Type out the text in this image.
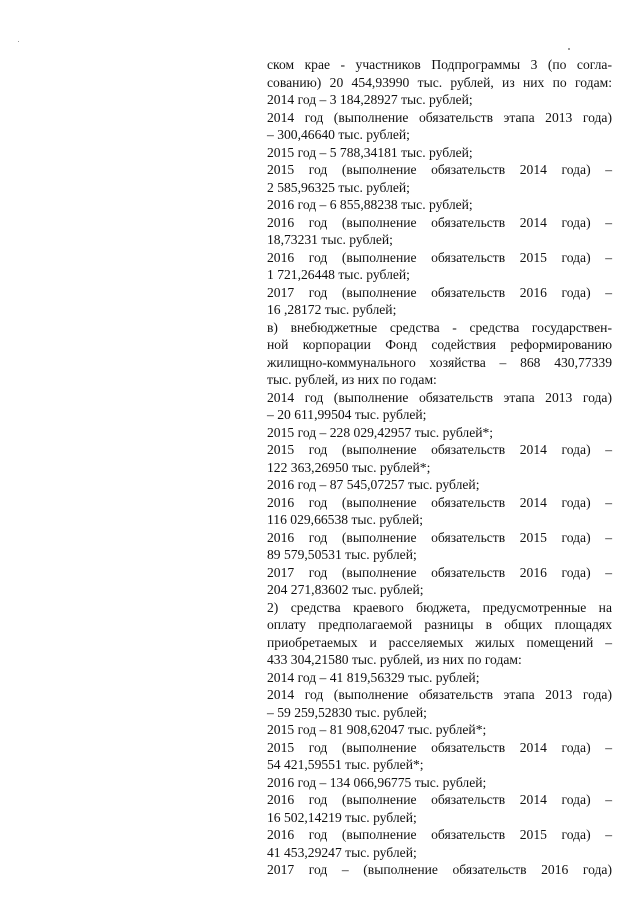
ском крае - участников Подпрограммы 3 (по согла-
сованию) 20 454,93990 тыс. рублей, из них по годам:
2014 год – 3 184,28927 тыс. рублей;
2014 год (выполнение обязательств этапа 2013 года)
– 300,46640 тыс. рублей;
2015 год – 5 788,34181 тыс. рублей;
2015 год (выполнение обязательств 2014 года) –
2 585,96325 тыс. рублей;
2016 год – 6 855,88238 тыс. рублей;
2016 год (выполнение обязательств 2014 года) –
18,73231 тыс. рублей;
2016 год (выполнение обязательств 2015 года) –
1 721,26448 тыс. рублей;
2017 год (выполнение обязательств 2016 года) –
16 ,28172 тыс. рублей;
в) внебюджетные средства - средства государствен-
ной корпорации Фонд содействия реформированию
жилищно-коммунального хозяйства – 868 430,77339
тыс. рублей, из них по годам:
2014 год (выполнение обязательств этапа 2013 года)
– 20 611,99504 тыс. рублей;
2015 год – 228 029,42957 тыс. рублей*;
2015 год (выполнение обязательств 2014 года) –
122 363,26950 тыс. рублей*;
2016 год – 87 545,07257 тыс. рублей;
2016 год (выполнение обязательств 2014 года) –
116 029,66538 тыс. рублей;
2016 год (выполнение обязательств 2015 года) –
89 579,50531 тыс. рублей;
2017 год (выполнение обязательств 2016 года) –
204 271,83602 тыс. рублей;
2) средства краевого бюджета, предусмотренные на
оплату предполагаемой разницы в общих площадях
приобретаемых и расселяемых жилых помещений –
433 304,21580 тыс. рублей, из них по годам:
2014 год – 41 819,56329 тыс. рублей;
2014 год (выполнение обязательств этапа 2013 года)
– 59 259,52830 тыс. рублей;
2015 год – 81 908,62047 тыс. рублей*;
2015 год (выполнение обязательств 2014 года) –
54 421,59551 тыс. рублей*;
2016 год – 134 066,96775 тыс. рублей;
2016 год (выполнение обязательств 2014 года) –
16 502,14219 тыс. рублей;
2016 год (выполнение обязательств 2015 года) –
41 453,29247 тыс. рублей;
2017 год – (выполнение обязательств 2016 года)
